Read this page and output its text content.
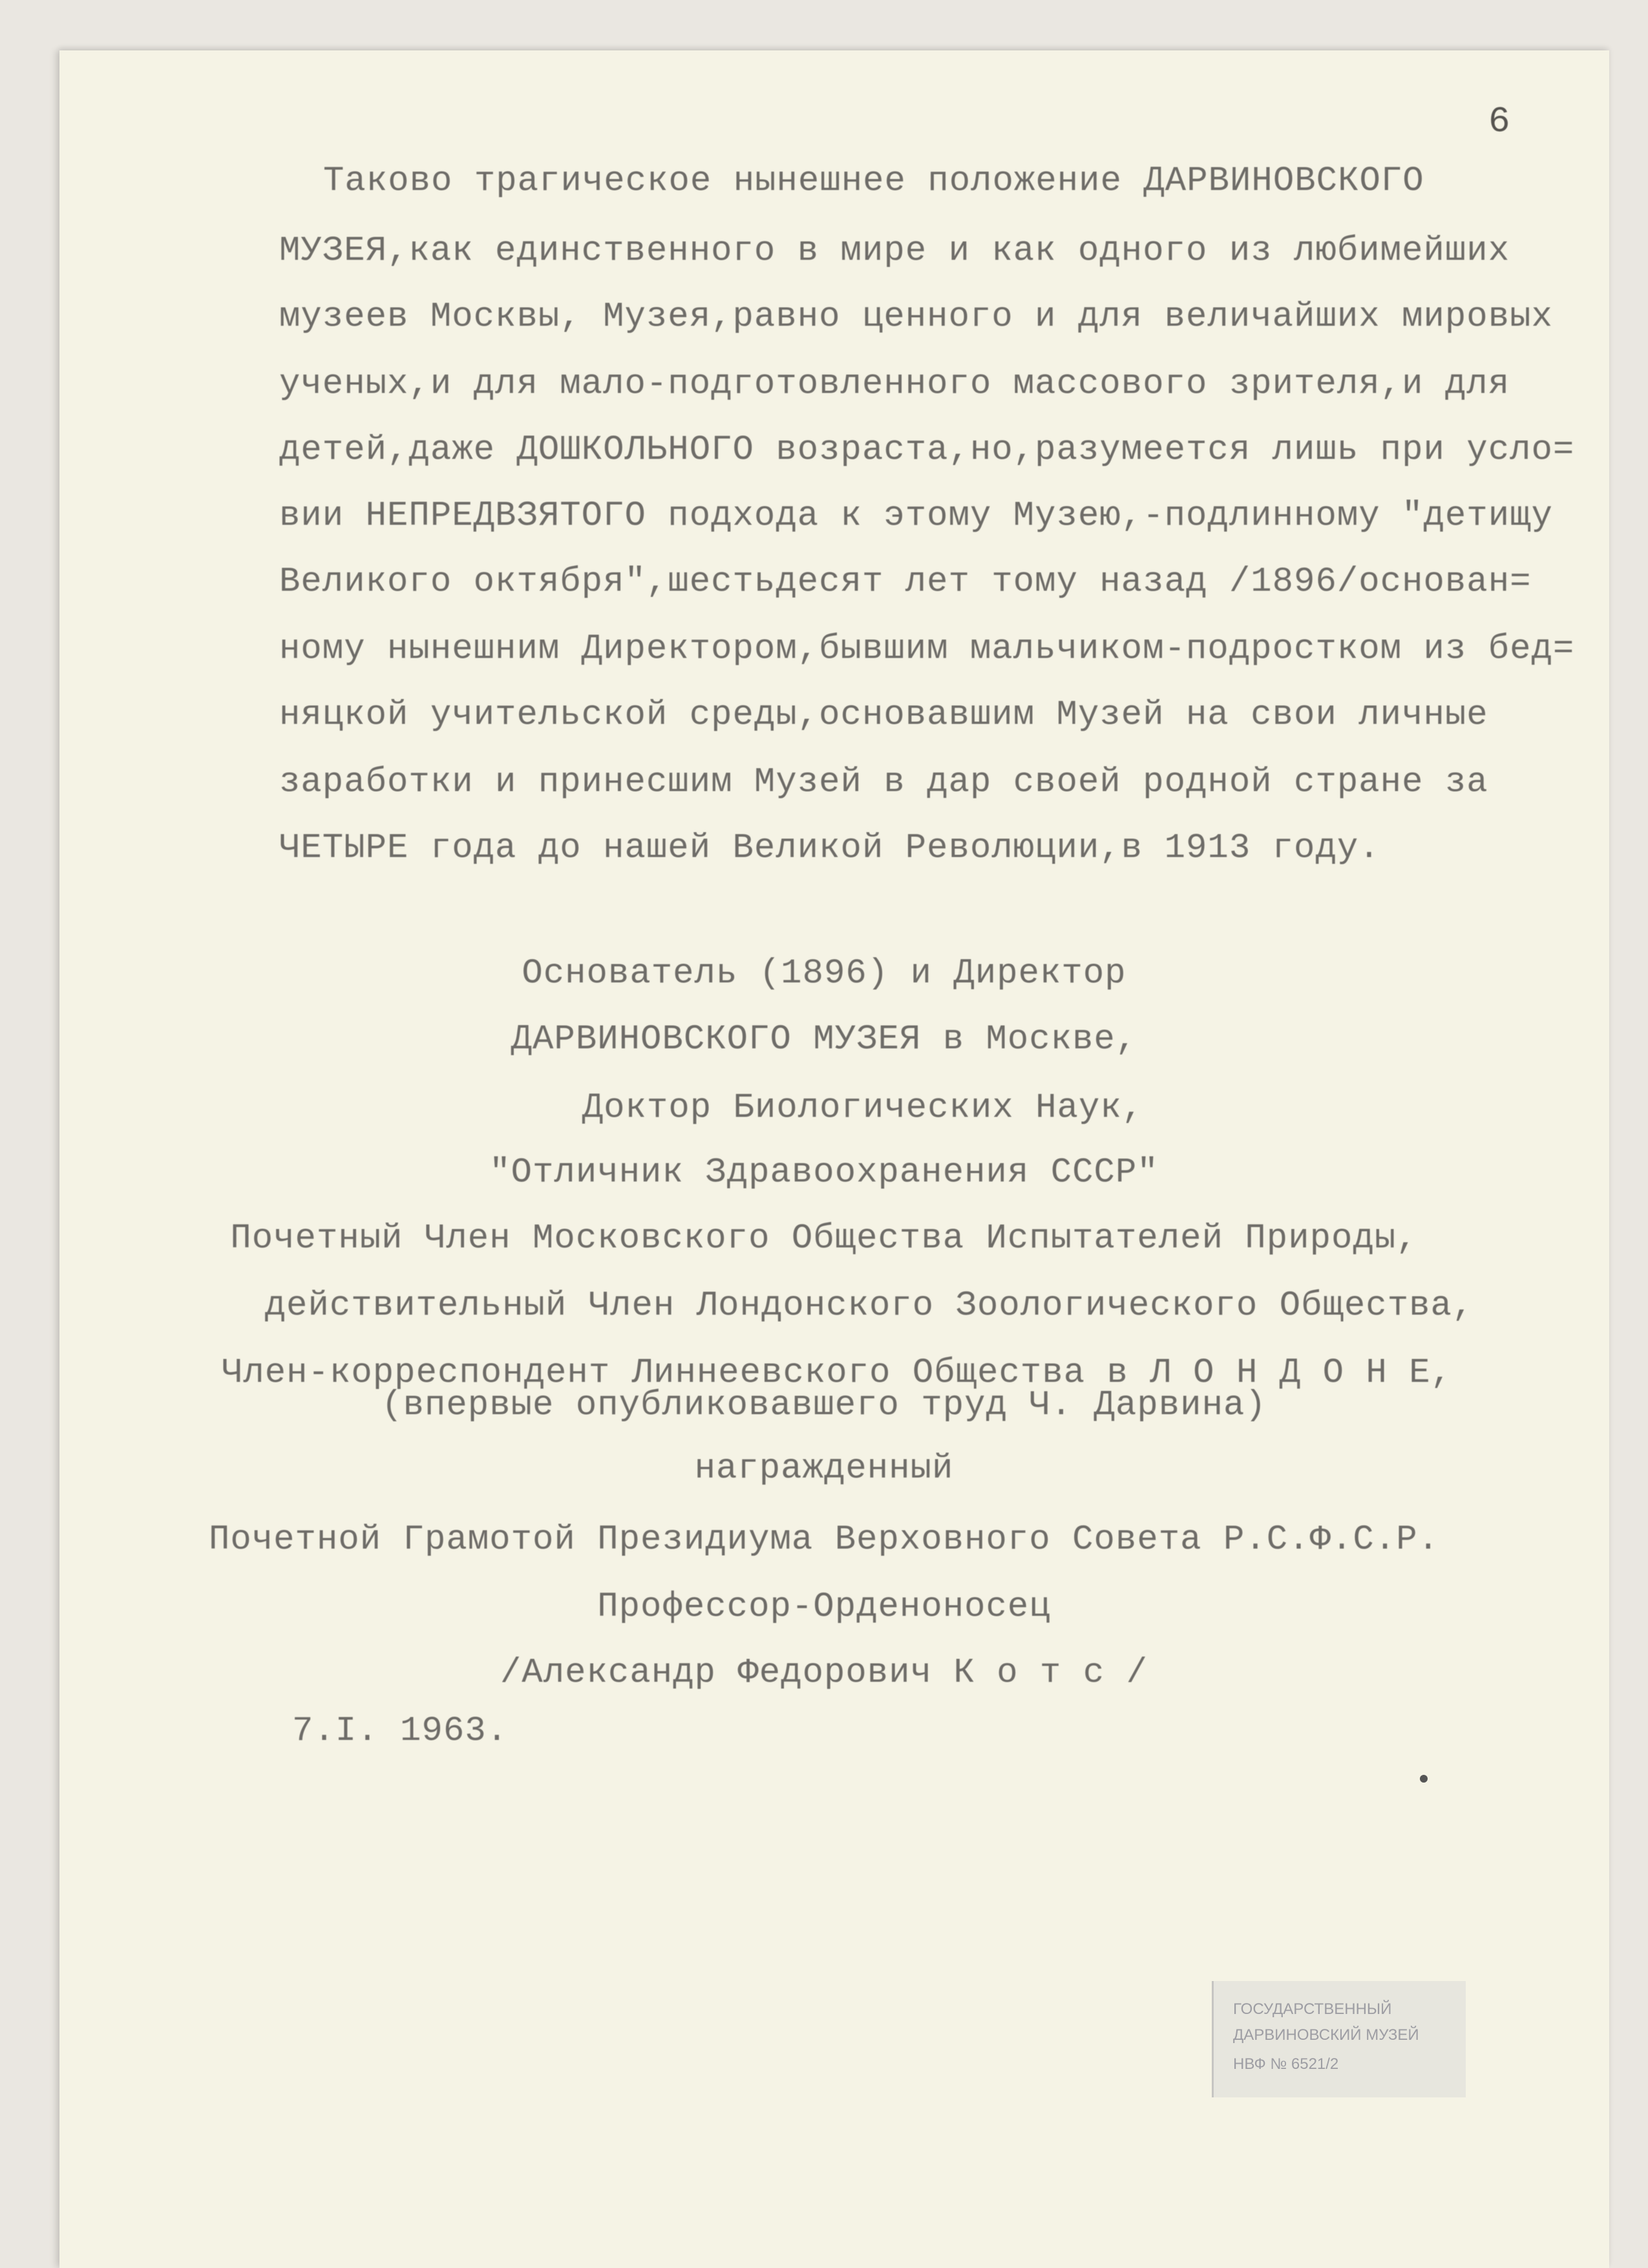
6

Таково трагическое нынешнее положение ДАРВИНОВСКОГО

МУЗЕЯ,как единственного в мире и как одного из любимейших

музеев Москвы, Музея,равно ценного и для величайших мировых

ученых,и для мало-подготовленного массового зрителя,и для

детей,даже ДОШКОЛЬНОГО возраста,но,разумеется лишь при усло=

вии НЕПРЕДВЗЯТОГО подхода к этому Музею,-подлинному "детищу

Великого октября",шестьдесят лет тому назад /1896/основан=

ному нынешним Директором,бывшим мальчиком-подростком из бед=

няцкой учительской среды,основавшим Музей на свои личные

заработки и принесшим Музей в дар своей родной стране за

ЧЕТЫРЕ года до нашей Великой Революции,в 1913 году.

Основатель (1896) и Директор

ДАРВИНОВСКОГО МУЗЕЯ в Москве,

Доктор Биологических Наук,

"Отличник Здравоохранения СССР"

Почетный Член Московского Общества Испытателей Природы,

действительный Член Лондонского Зоологического Общества,

Член-корреспондент Линнеевского Общества в Л О Н Д О Н Е,

(впервые опубликовавшего труд Ч. Дарвина)

награжденный

Почетной Грамотой Президиума Верховного Совета Р.С.Ф.С.Р.

Профессор-Орденоносец

/Александр Федорович К о т с /

7.I. 1963.

ГОСУДАРСТВЕННЫЙ
ДАРВИНОВСКИЙ МУЗЕЙ
НВФ № 6521/2
